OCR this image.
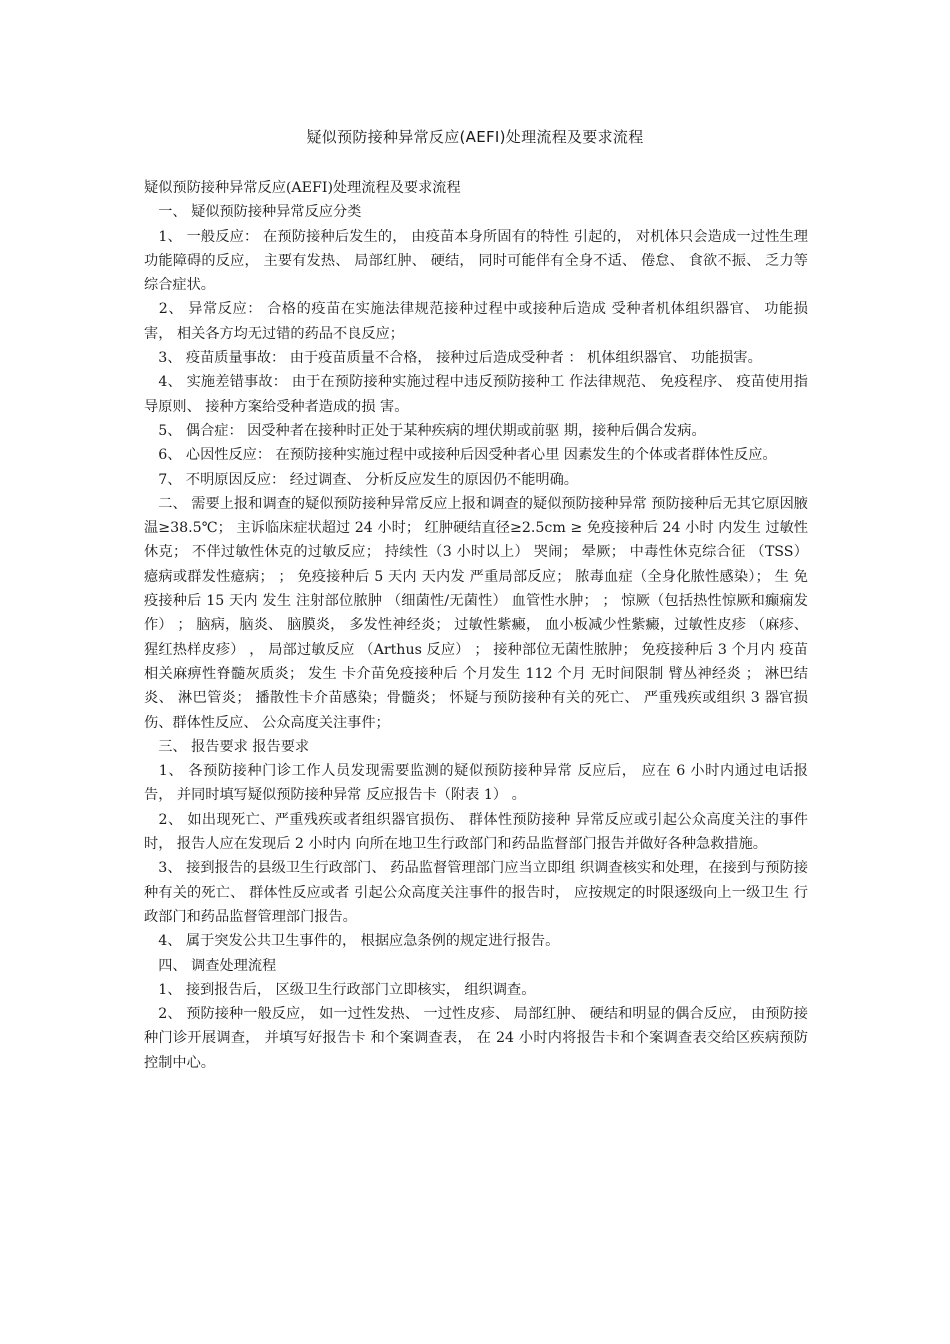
疑似预防接种异常反应(AEFI)处理流程及要求流程

疑似预防接种异常反应(AEFI)处理流程及要求流程

　一、 疑似预防接种异常反应分类

　1、 一般反应： 在预防接种后发生的， 由疫苗本身所固有的特性 引起的， 对机体只会造成一过性生理功能障碍的反应， 主要有发热、 局部红肿、 硬结， 同时可能伴有全身不适、 倦怠、 食欲不振、 乏力等 综合症状。

　2、 异常反应： 合格的疫苗在实施法律规范接种过程中或接种后造成 受种者机体组织器官、 功能损害， 相关各方均无过错的药品不良反应；

　3、 疫苗质量事故： 由于疫苗质量不合格， 接种过后造成受种者 ： 机体组织器官、 功能损害。

　4、 实施差错事故： 由于在预防接种实施过程中违反预防接种工 作法律规范、 免疫程序、 疫苗使用指导原则、 接种方案给受种者造成的损 害。

　5、 偶合症： 因受种者在接种时正处于某种疾病的埋伏期或前驱 期，接种后偶合发病。

　6、 心因性反应： 在预防接种实施过程中或接种后因受种者心里 因素发生的个体或者群体性反应。

　7、 不明原因反应： 经过调查、 分析反应发生的原因仍不能明确。

　二、 需要上报和调查的疑似预防接种异常反应上报和调查的疑似预防接种异常 预防接种后无其它原因腋温≥38.5℃； 主诉临床症状超过 24 小时； 红肿硬结直径≥2.5cm ≥ 免疫接种后 24 小时 内发生 过敏性休克； 不伴过敏性休克的过敏反应； 持续性（3 小时以上） 哭闹； 晕厥； 中毒性休克综合征 （TSS） 癔病或群发性癔病； ； 免疫接种后 5 天内 天内发 严重局部反应； 脓毒血症（全身化脓性感染）； 生 免疫接种后 15 天内 发生 注射部位脓肿 （细菌性/无菌性） 血管性水肿； ； 惊厥（包括热性惊厥和癫痫发作） ； 脑病，脑炎、 脑膜炎， 多发性神经炎； 过敏性紫癜， 血小板减少性紫癜，过敏性皮疹 （麻疹、 猩红热样皮疹） ， 局部过敏反应 （Arthus 反应） ； 接种部位无菌性脓肿； 免疫接种后 3 个月内 疫苗相关麻痹性脊髓灰质炎； 发生 卡介苗免疫接种后 个月发生 112 个月 无时间限制 臂丛神经炎 ； 淋巴结炎、 淋巴管炎； 播散性卡介苗感染；骨髓炎； 怀疑与预防接种有关的死亡、 严重残疾或组织 3 器官损伤、群体性反应、 公众高度关注事件；

　三、 报告要求 报告要求

　1、 各预防接种门诊工作人员发现需要监测的疑似预防接种异常 反应后， 应在 6 小时内通过电话报告， 并同时填写疑似预防接种异常 反应报告卡（附表 1） 。

　2、 如出现死亡、严重残疾或者组织器官损伤、 群体性预防接种 异常反应或引起公众高度关注的事件时， 报告人应在发现后 2 小时内 向所在地卫生行政部门和药品监督部门报告并做好各种急救措施。

　3、 接到报告的县级卫生行政部门、 药品监督管理部门应当立即组 织调查核实和处理，在接到与预防接种有关的死亡、 群体性反应或者 引起公众高度关注事件的报告时， 应按规定的时限逐级向上一级卫生 行政部门和药品监督管理部门报告。

　4、 属于突发公共卫生事件的， 根据应急条例的规定进行报告。

　四、 调查处理流程

　1、 接到报告后， 区级卫生行政部门立即核实， 组织调查。

　2、 预防接种一般反应， 如一过性发热、 一过性皮疹、 局部红肿、 硬结和明显的偶合反应， 由预防接种门诊开展调查， 并填写好报告卡 和个案调查表， 在 24 小时内将报告卡和个案调查表交给区疾病预防 控制中心。
